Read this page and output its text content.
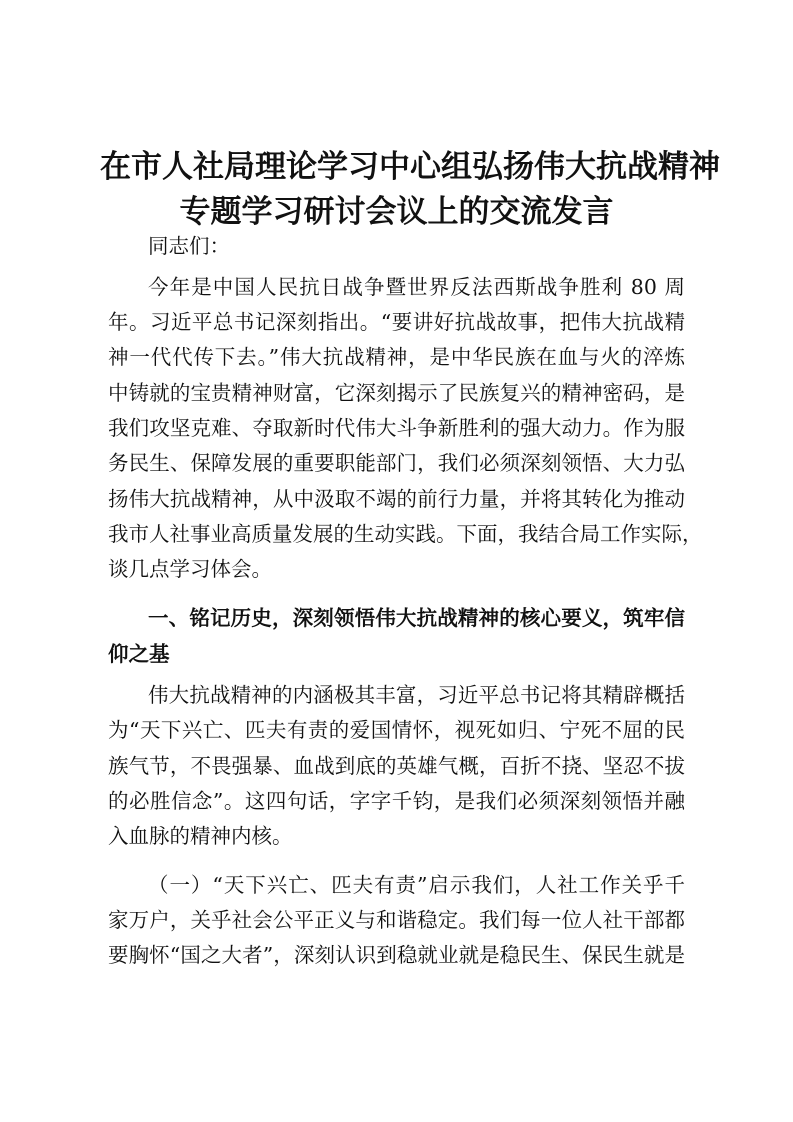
在市人社局理论学习中心组弘扬伟大抗战精神
专题学习研讨会议上的交流发言
同志们：
今年是中国人民抗日战争暨世界反法西斯战争胜利 80 周
年。习近平总书记深刻指出。“要讲好抗战故事，把伟大抗战精
神一代代传下去。”伟大抗战精神，是中华民族在血与火的淬炼
中铸就的宝贵精神财富，它深刻揭示了民族复兴的精神密码，是
我们攻坚克难、夺取新时代伟大斗争新胜利的强大动力。作为服
务民生、保障发展的重要职能部门，我们必须深刻领悟、大力弘
扬伟大抗战精神，从中汲取不竭的前行力量，并将其转化为推动
我市人社事业高质量发展的生动实践。下面，我结合局工作实际，
谈几点学习体会。
一、铭记历史，深刻领悟伟大抗战精神的核心要义，筑牢信
仰之基
伟大抗战精神的内涵极其丰富，习近平总书记将其精辟概括
为“天下兴亡、匹夫有责的爱国情怀，视死如归、宁死不屈的民
族气节，不畏强暴、血战到底的英雄气概，百折不挠、坚忍不拔
的必胜信念”。这四句话，字字千钧，是我们必须深刻领悟并融
入血脉的精神内核。
（一）“天下兴亡、匹夫有责”启示我们，人社工作关乎千
家万户，关乎社会公平正义与和谐稳定。我们每一位人社干部都
要胸怀“国之大者”，深刻认识到稳就业就是稳民生、保民生就是
